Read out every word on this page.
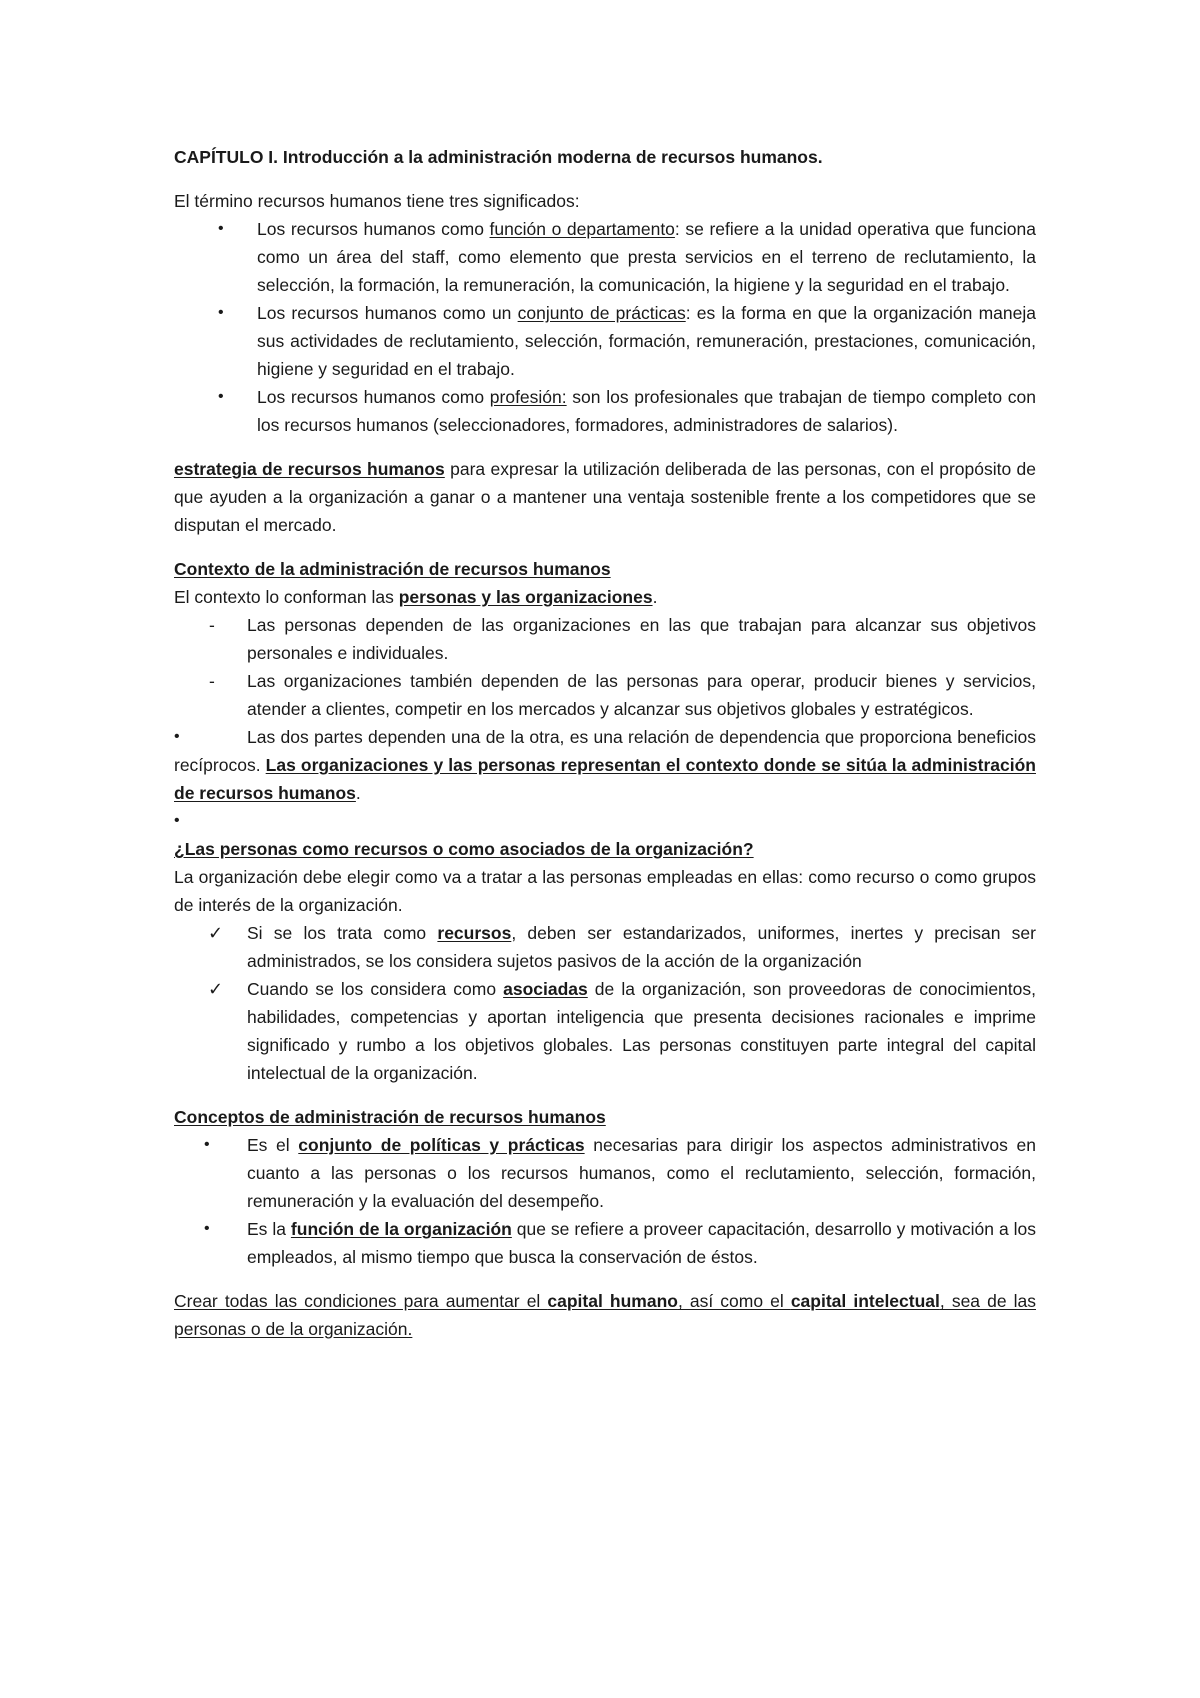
CAPÍTULO I. Introducción a la administración moderna de recursos humanos.

El término recursos humanos tiene tres significados:

• Los recursos humanos como función o departamento: se refiere a la unidad operativa que funciona como un área del staff, como elemento que presta servicios en el terreno de reclutamiento, la selección, la formación, la remuneración, la comunicación, la higiene y la seguridad en el trabajo.
• Los recursos humanos como un conjunto de prácticas: es la forma en que la organización maneja sus actividades de reclutamiento, selección, formación, remuneración, prestaciones, comunicación, higiene y seguridad en el trabajo.
• Los recursos humanos como profesión: son los profesionales que trabajan de tiempo completo con los recursos humanos (seleccionadores, formadores, administradores de salarios).

estrategia de recursos humanos para expresar la utilización deliberada de las personas, con el propósito de que ayuden a la organización a ganar o a mantener una ventaja sostenible frente a los competidores que se disputan el mercado.

Contexto de la administración de recursos humanos

El contexto lo conforman las personas y las organizaciones.

- Las personas dependen de las organizaciones en las que trabajan para alcanzar sus objetivos personales e individuales.
- Las organizaciones también dependen de las personas para operar, producir bienes y servicios, atender a clientes, competir en los mercados y alcanzar sus objetivos globales y estratégicos.

•	Las dos partes dependen una de la otra, es una relación de dependencia que proporciona beneficios recíprocos. Las organizaciones y las personas representan el contexto donde se sitúa la administración de recursos humanos.

•

¿Las personas como recursos o como asociados de la organización?

La organización debe elegir como va a tratar a las personas empleadas en ellas: como recurso o como grupos de interés de la organización.

✓ Si se los trata como recursos, deben ser estandarizados, uniformes, inertes y precisan ser administrados, se los considera sujetos pasivos de la acción de la organización
✓ Cuando se los considera como asociadas de la organización, son proveedoras de conocimientos, habilidades, competencias y aportan inteligencia que presenta decisiones racionales e imprime significado y rumbo a los objetivos globales. Las personas constituyen parte integral del capital intelectual de la organización.

Conceptos de administración de recursos humanos

• Es el conjunto de políticas y prácticas necesarias para dirigir los aspectos administrativos en cuanto a las personas o los recursos humanos, como el reclutamiento, selección, formación, remuneración y la evaluación del desempeño.
• Es la función de la organización que se refiere a proveer capacitación, desarrollo y motivación a los empleados, al mismo tiempo que busca la conservación de éstos.

Crear todas las condiciones para aumentar el capital humano, así como el capital intelectual, sea de las personas o de la organización.
